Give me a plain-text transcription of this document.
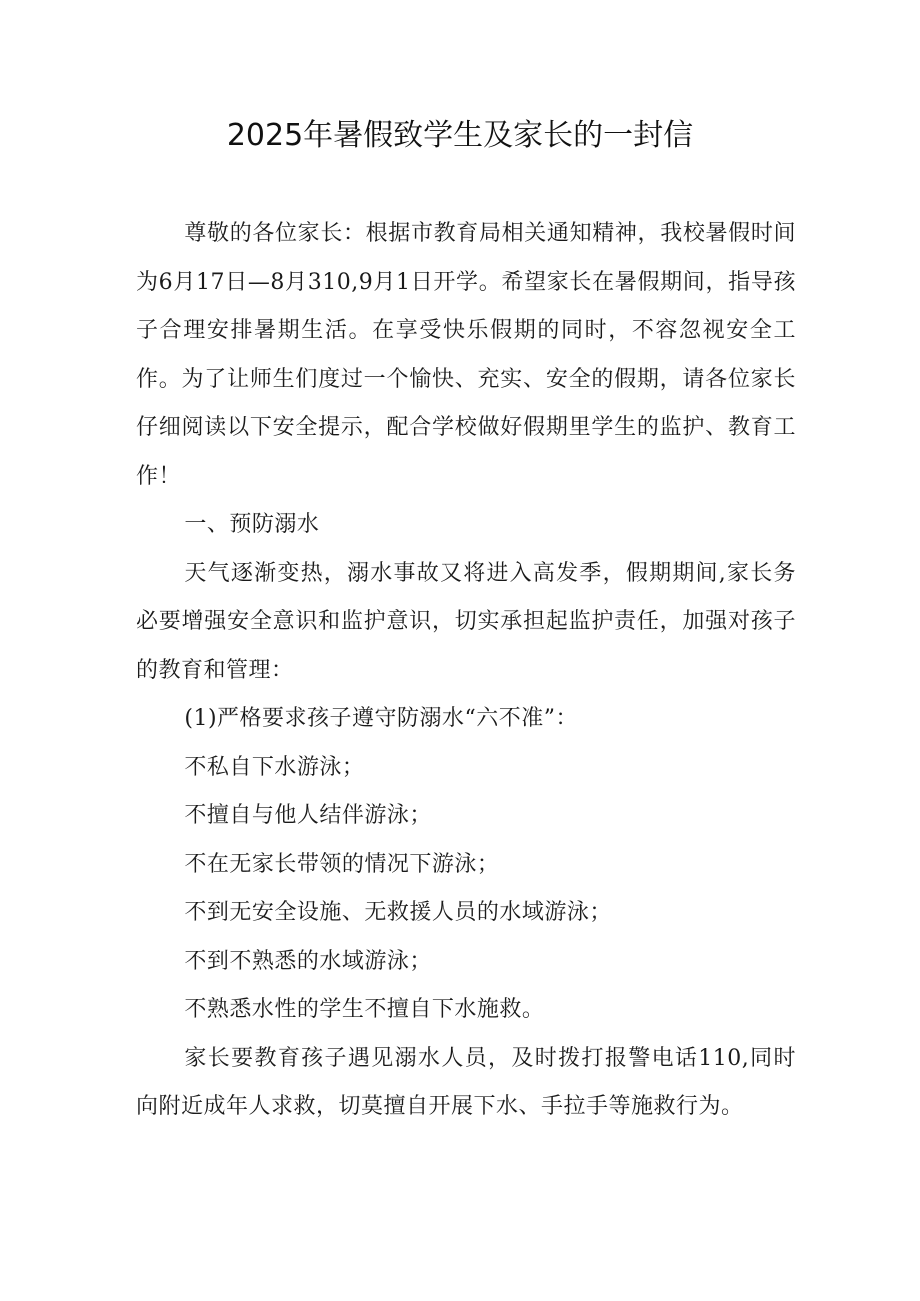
2025年暑假致学生及家长的一封信

尊敬的各位家长：根据市教育局相关通知精神，我校暑假时间为6月17日—8月310,9月1日开学。希望家长在暑假期间，指导孩子合理安排暑期生活。在享受快乐假期的同时，不容忽视安全工作。为了让师生们度过一个愉快、充实、安全的假期，请各位家长仔细阅读以下安全提示，配合学校做好假期里学生的监护、教育工作！

一、预防溺水

天气逐渐变热，溺水事故又将进入高发季，假期期间,家长务必要增强安全意识和监护意识，切实承担起监护责任，加强对孩子的教育和管理：

(1)严格要求孩子遵守防溺水“六不准”：

不私自下水游泳；

不擅自与他人结伴游泳；

不在无家长带领的情况下游泳；

不到无安全设施、无救援人员的水域游泳；

不到不熟悉的水域游泳；

不熟悉水性的学生不擅自下水施救。

家长要教育孩子遇见溺水人员，及时拨打报警电话110,同时向附近成年人求救，切莫擅自开展下水、手拉手等施救行为。
